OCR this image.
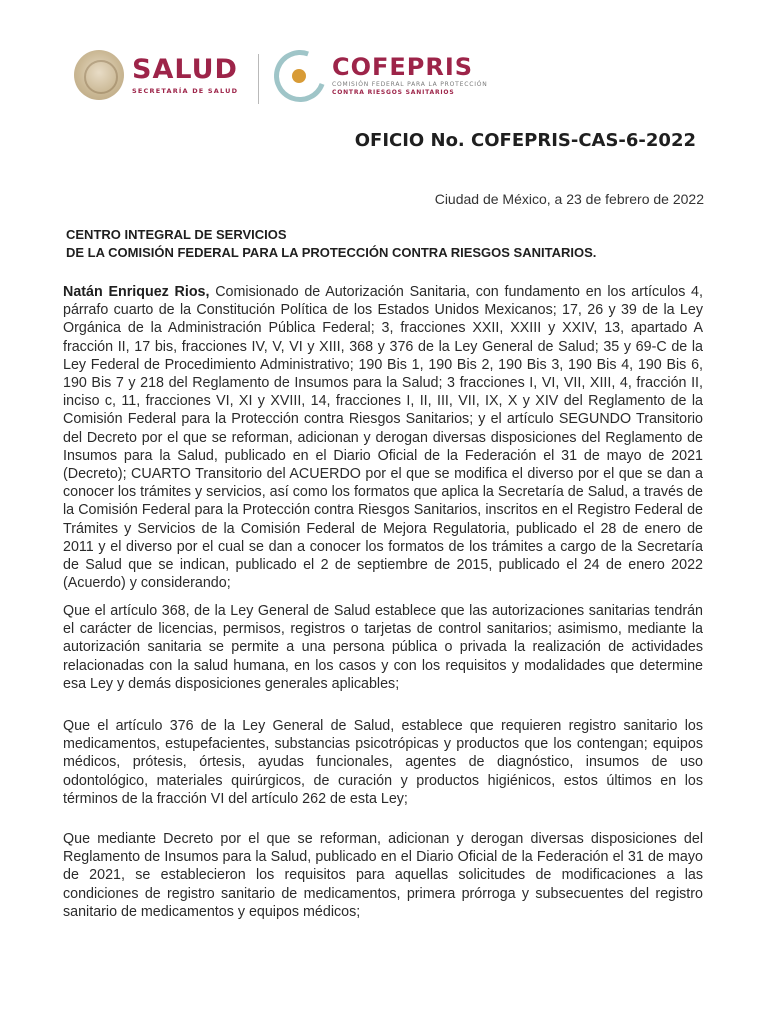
SALUD
SECRETARÍA DE SALUD
COFEPRIS
COMISIÓN FEDERAL PARA LA PROTECCIÓN
CONTRA RIESGOS SANITARIOS
OFICIO No. COFEPRIS-CAS-6-2022
Ciudad de México, a 23 de febrero de 2022
CENTRO INTEGRAL DE SERVICIOS
DE LA COMISIÓN FEDERAL PARA LA PROTECCIÓN CONTRA RIESGOS SANITARIOS.
Natán Enriquez Rios, Comisionado de Autorización Sanitaria, con fundamento en los artículos 4, párrafo cuarto de la Constitución Política de los Estados Unidos Mexicanos; 17, 26 y 39 de la Ley Orgánica de la Administración Pública Federal; 3, fracciones XXII, XXIII y XXIV, 13, apartado A fracción II, 17 bis, fracciones IV, V, VI y XIII, 368 y 376 de la Ley General de Salud; 35 y 69-C de la Ley Federal de Procedimiento Administrativo; 190 Bis 1, 190 Bis 2, 190 Bis 3, 190 Bis 4, 190 Bis 6, 190 Bis 7 y 218 del Reglamento de Insumos para la Salud; 3 fracciones I, VI, VII, XIII, 4, fracción II, inciso c, 11, fracciones VI, XI y XVIII, 14, fracciones I, II, III, VII, IX, X y XIV del Reglamento de la Comisión Federal para la Protección contra Riesgos Sanitarios; y el artículo SEGUNDO Transitorio del Decreto por el que se reforman, adicionan y derogan diversas disposiciones del Reglamento de Insumos para la Salud, publicado en el Diario Oficial de la Federación el 31 de mayo de 2021 (Decreto); CUARTO Transitorio del ACUERDO por el que se modifica el diverso por el que se dan a conocer los trámites y servicios, así como los formatos que aplica la Secretaría de Salud, a través de la Comisión Federal para la Protección contra Riesgos Sanitarios, inscritos en el Registro Federal de Trámites y Servicios de la Comisión Federal de Mejora Regulatoria, publicado el 28 de enero de 2011 y el diverso por el cual se dan a conocer los formatos de los trámites a cargo de la Secretaría de Salud que se indican, publicado el 2 de septiembre de 2015, publicado el 24 de enero 2022 (Acuerdo) y considerando;
Que el artículo 368, de la Ley General de Salud establece que las autorizaciones sanitarias tendrán el carácter de licencias, permisos, registros o tarjetas de control sanitarios; asimismo, mediante la autorización sanitaria se permite a una persona pública o privada la realización de actividades relacionadas con la salud humana, en los casos y con los requisitos y modalidades que determine esa Ley y demás disposiciones generales aplicables;
Que el artículo 376 de la Ley General de Salud, establece que requieren registro sanitario los medicamentos, estupefacientes, substancias psicotrópicas y productos que los contengan; equipos médicos, prótesis, órtesis, ayudas funcionales, agentes de diagnóstico, insumos de uso odontológico, materiales quirúrgicos, de curación y productos higiénicos, estos últimos en los términos de la fracción VI del artículo 262 de esta Ley;
Que mediante Decreto por el que se reforman, adicionan y derogan diversas disposiciones del Reglamento de Insumos para la Salud, publicado en el Diario Oficial de la Federación el 31 de mayo de 2021, se establecieron los requisitos para aquellas solicitudes de modificaciones a las condiciones de registro sanitario de medicamentos, primera prórroga y subsecuentes del registro sanitario de medicamentos y equipos médicos;
